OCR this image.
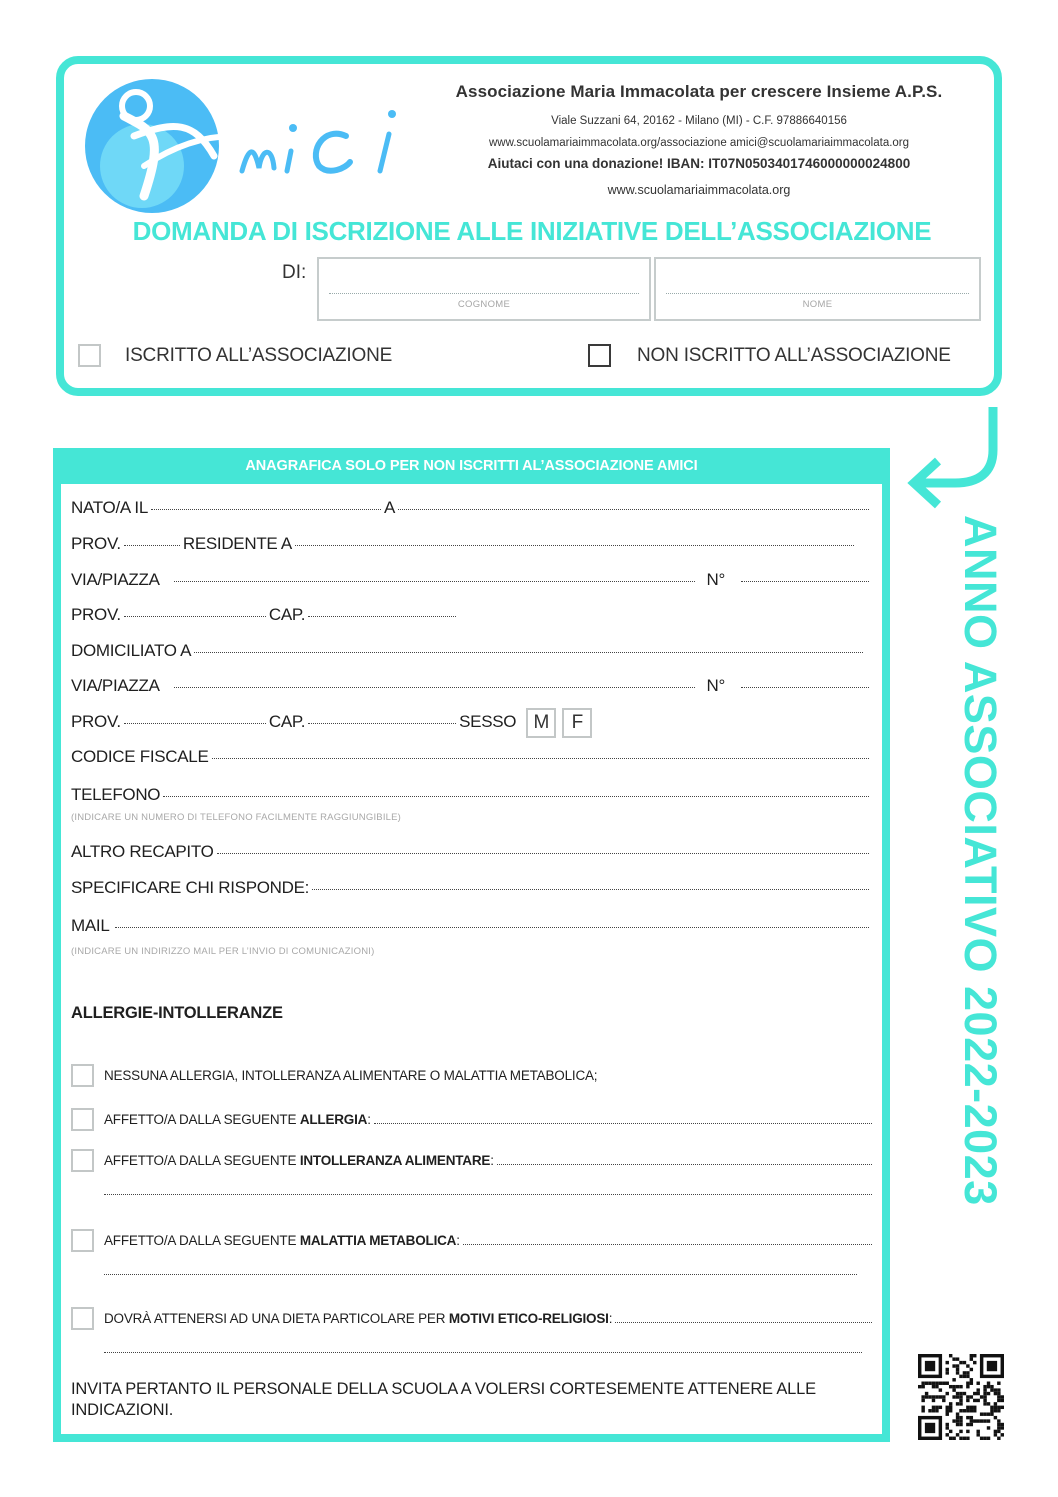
Associazione Maria Immacolata per crescere Insieme A.P.S.
Viale Suzzani 64, 20162 - Milano (MI) - C.F. 97886640156
www.scuolamariaimmacolata.org/associazione amici@scuolamariaimmacolata.org
Aiutaci con una donazione! IBAN: IT07N0503401746000000024800
www.scuolamariaimmacolata.org
DOMANDA DI ISCRIZIONE ALLE INIZIATIVE DELL’ASSOCIAZIONE
DI:
COGNOME	NOME
ISCRITTO ALL’ASSOCIAZIONE	NON ISCRITTO ALL’ASSOCIAZIONE
ANNO ASSOCIATIVO 2022-2023
ANAGRAFICA SOLO PER NON ISCRITTI AL’ASSOCIAZIONE AMICI
NATO/A IL	A
PROV.	RESIDENTE A
VIA/PIAZZA	N°
PROV.	CAP.
DOMICILIATO A
VIA/PIAZZA	N°
PROV.	CAP.	SESSO M	F
CODICE FISCALE
TELEFONO
(INDICARE UN NUMERO DI TELEFONO FACILMENTE RAGGIUNGIBILE)
ALTRO RECAPITO
SPECIFICARE CHI RISPONDE:
MAIL
(INDICARE UN INDIRIZZO MAIL PER L’INVIO DI COMUNICAZIONI)
ALLERGIE-INTOLLERANZE
NESSUNA ALLERGIA, INTOLLERANZA ALIMENTARE O MALATTIA METABOLICA;
AFFETTO/A DALLA SEGUENTE ALLERGIA :
AFFETTO/A DALLA SEGUENTE INTOLLERANZA ALIMENTARE :
AFFETTO/A DALLA SEGUENTE MALATTIA METABOLICA :
DOVRÀ ATTENERSI AD UNA DIETA PARTICOLARE PER MOTIVI ETICO-RELIGIOSI :
INVITA PERTANTO IL PERSONALE DELLA SCUOLA A VOLERSI CORTESEMENTE ATTENERE ALLE INDICAZIONI.
